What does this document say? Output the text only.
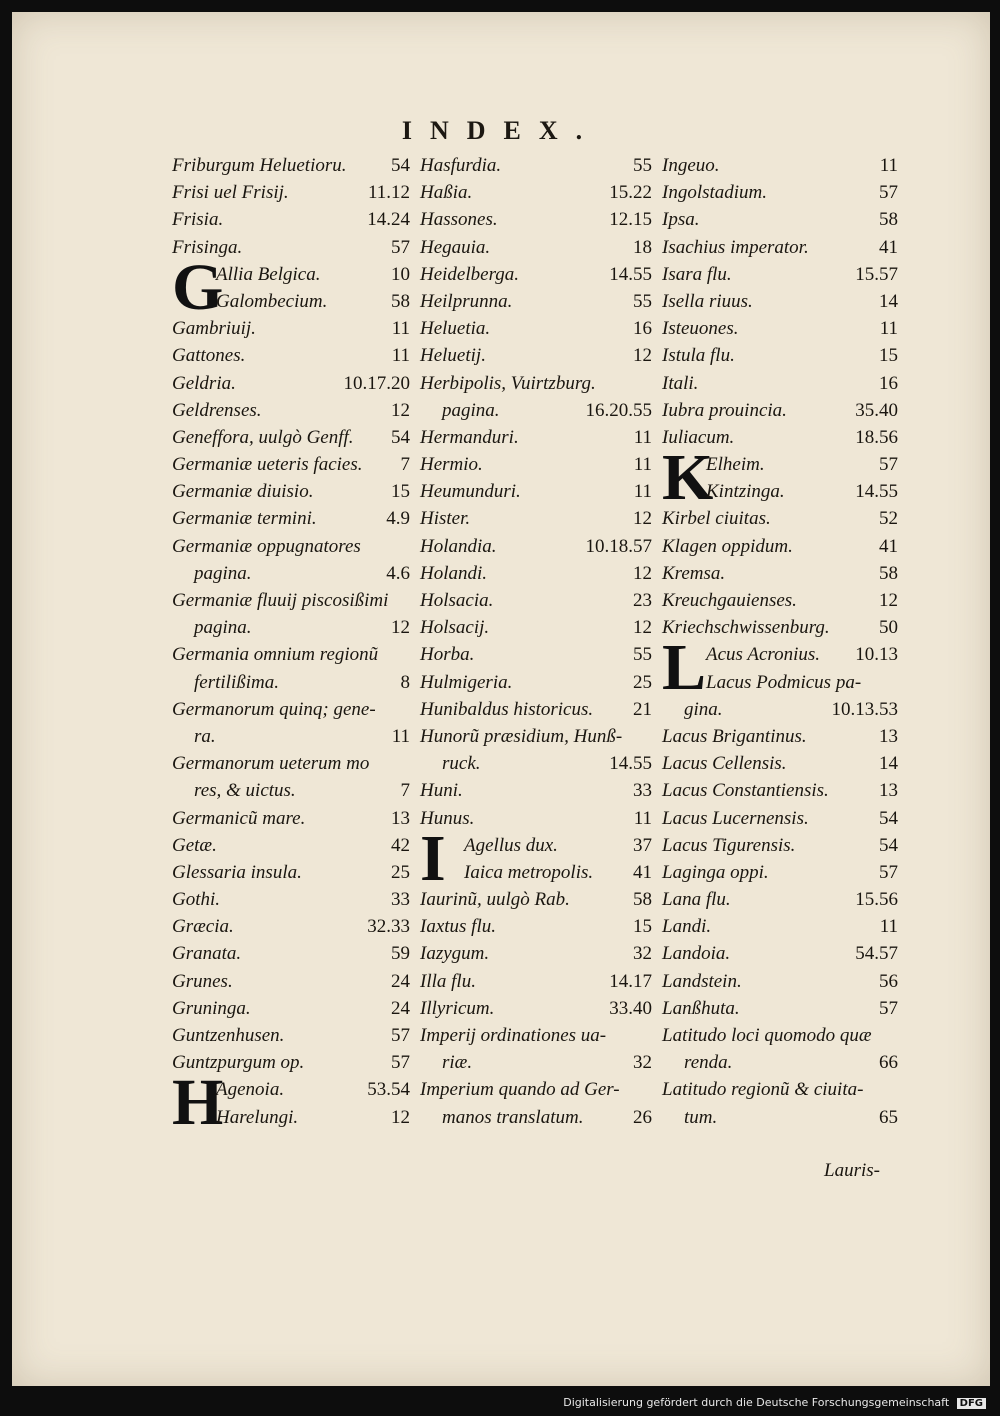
INDEX.
Friburgum Heluetioru. 54
Frisi uel Frisij.	11.12
Frisia.	14.24
Frisinga.	57
G
Allia Belgica.	10
Galombecium.	58
Gambriuij.	11
Gattones.	11
Geldria.	10.17.20
Geldrenses.	12
Geneffora, uulgò Genff. 54
Germaniæ ueteris facies. 7
Germaniæ diuisio.	15
Germaniæ termini.	4.9
Germaniæ oppugnatores
pagina.	4.6
Germaniæ fluuij piscosißimi
pagina.	12
Germania omnium regionũ
fertilißima.	8
Germanorum quinq; gene-
ra.	11
Germanorum ueterum mo
res, & uictus.	7
Germanicũ mare.	13
Getæ.	42
Glessaria insula.	25
Gothi.	33
Græcia.	32.33
Granata.	59
Grunes.	24
Gruninga.	24
Guntzenhusen.	57
Guntzpurgum op.	57
H
Agenoia.	53.54
Harelungi.	12
Hasfurdia.	55
Haßia.	15.22
Hassones.	12.15
Hegauia.	18
Heidelberga.	14.55
Heilprunna.	55
Heluetia.	16
Heluetij.	12
Herbipolis, Vuirtzburg.
pagina.	16.20.55
Hermanduri.	11
Hermio.	11
Heumunduri.	11
Hister.	12
Holandia.	10.18.57
Holandi.	12
Holsacia.	23
Holsacij.	12
Horba.	55
Hulmigeria.	25
Hunibaldus historicus. 21
Hunorũ præsidium, Hunß-
ruck.	14.55
Huni.	33
Hunus.	11
I Agellus dux.	37
Iaica metropolis. 41
Iaurinũ, uulgò Rab.	58
Iaxtus flu.	15
Iazygum.	32
Illa flu.	14.17
Illyricum.	33.40
Imperij ordinationes ua-
riæ.	32
Imperium quando ad Ger-
manos translatum.	26
Ingeuo.	11
Ingolstadium.	57
Ipsa.	58
Isachius imperator.	41
Isara flu.	15.57
Isella riuus.	14
Isteuones.	11
Istula flu.	15
Itali.	16
Iubra prouincia.	35.40
Iuliacum.	18.56
K
Elheim.	57
Kintzinga.	14.55
Kirbel ciuitas.	52
Klagen oppidum.	41
Kremsa.	58
Kreuchgauienses.	12
Kriechschwissenburg.	50
L Acus Acronius. 10.13
Lacus Podmicus pa-
gina.	10.13.53
Lacus Brigantinus.	13
Lacus Cellensis.	14
Lacus Constantiensis.	13
Lacus Lucernensis.	54
Lacus Tigurensis.	54
Laginga oppi.	57
Lana flu.	15.56
Landi.	11
Landoia.	54.57
Landstein.	56
Lanßhuta.	57
Latitudo loci quomodo quæ
renda.	66
Latitudo regionũ & ciuita-
tum.	65
Lauris-
Digitalisierung gefördert durch die Deutsche Forschungsgemeinschaft DFG
